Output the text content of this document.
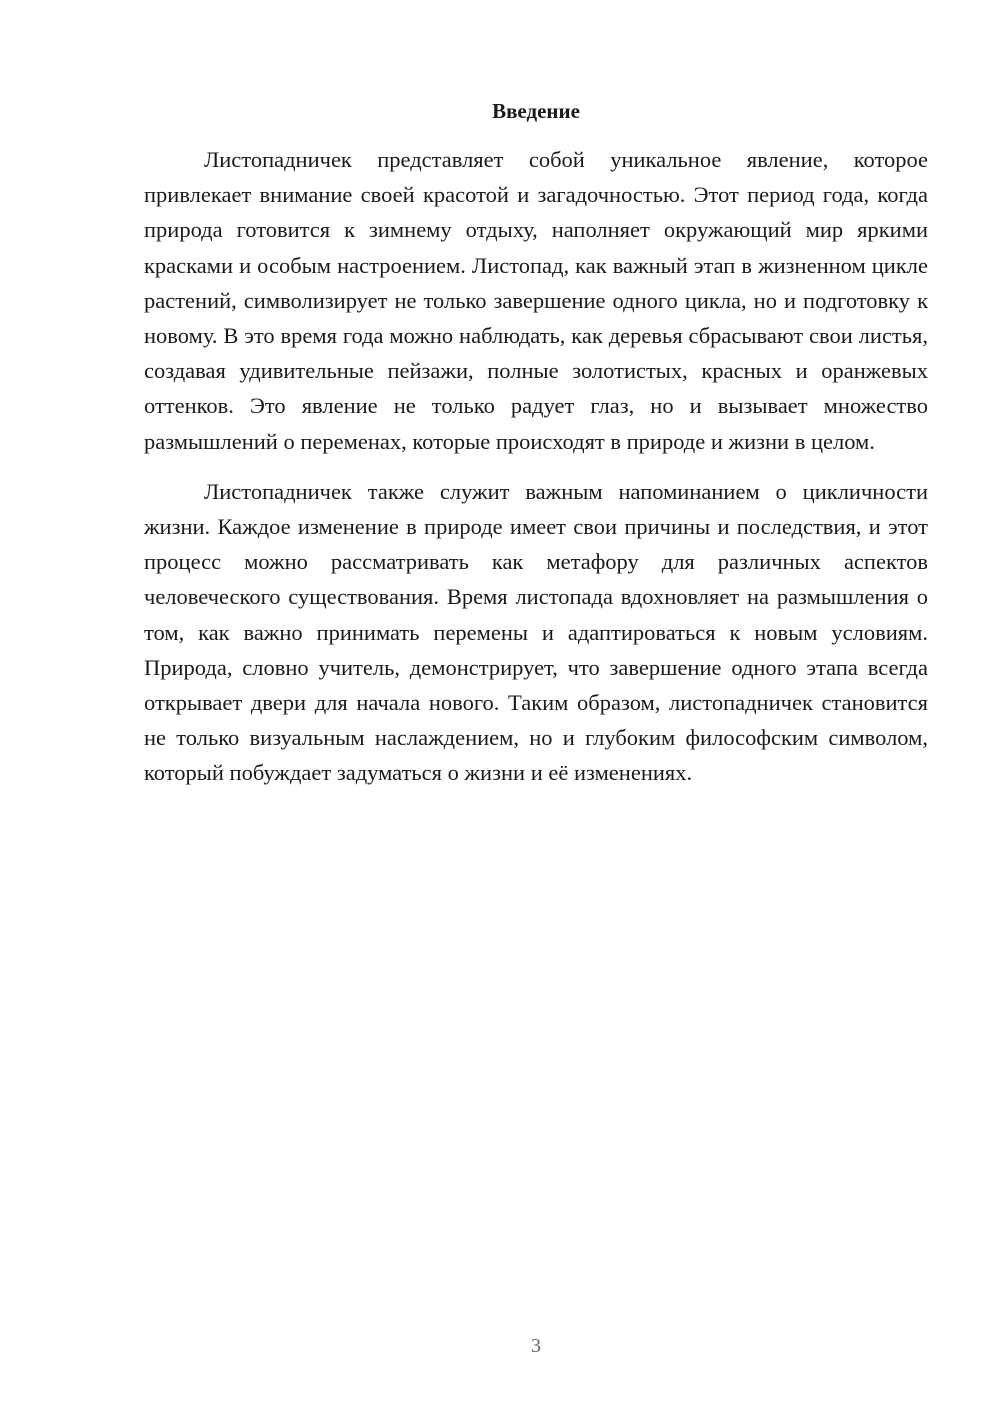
Введение

Листопадничек представляет собой уникальное явление, которое привлекает внимание своей красотой и загадочностью. Этот период года, когда природа готовится к зимнему отдыху, наполняет окружающий мир яркими красками и особым настроением. Листопад, как важный этап в жизненном цикле растений, символизирует не только завершение одного цикла, но и подготовку к новому. В это время года можно наблюдать, как деревья сбрасывают свои листья, создавая удивительные пейзажи, полные золотистых, красных и оранжевых оттенков. Это явление не только радует глаз, но и вызывает множество размышлений о переменах, которые происходят в природе и жизни в целом.

Листопадничек также служит важным напоминанием о цикличности жизни. Каждое изменение в природе имеет свои причины и последствия, и этот процесс можно рассматривать как метафору для различных аспектов человеческого существования. Время листопада вдохновляет на размышления о том, как важно принимать перемены и адаптироваться к новым условиям. Природа, словно учитель, демонстрирует, что завершение одного этапа всегда открывает двери для начала нового. Таким образом, листопадничек становится не только визуальным наслаждением, но и глубоким философским символом, который побуждает задуматься о жизни и её изменениях.

3
